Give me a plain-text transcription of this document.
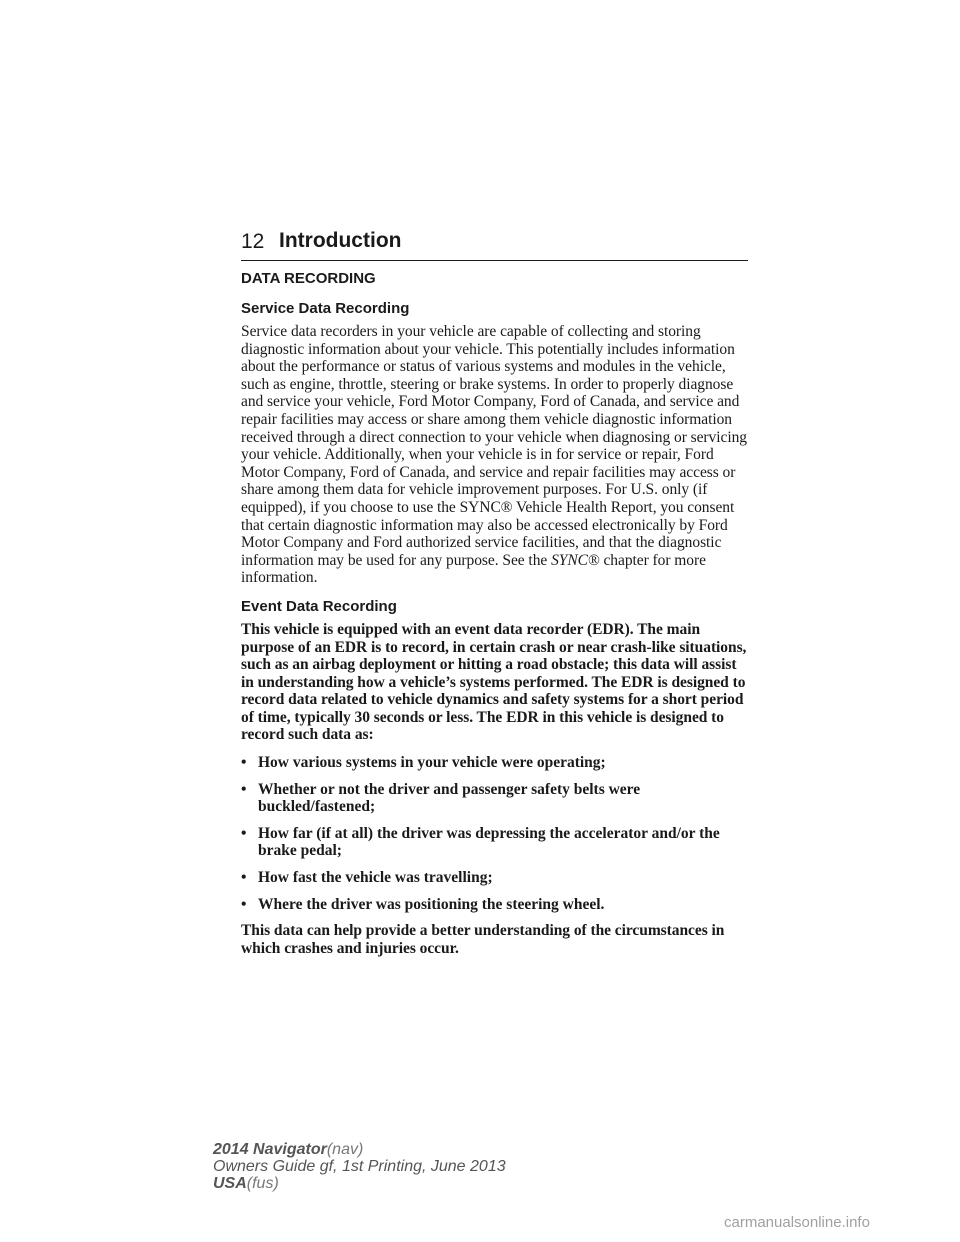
12 Introduction
DATA RECORDING
Service Data Recording

Service data recorders in your vehicle are capable of collecting and storing diagnostic information about your vehicle. This potentially includes information about the performance or status of various systems and modules in the vehicle, such as engine, throttle, steering or brake systems. In order to properly diagnose and service your vehicle, Ford Motor Company, Ford of Canada, and service and repair facilities may access or share among them vehicle diagnostic information received through a direct connection to your vehicle when diagnosing or servicing your vehicle. Additionally, when your vehicle is in for service or repair, Ford Motor Company, Ford of Canada, and service and repair facilities may access or share among them data for vehicle improvement purposes. For U.S. only (if equipped), if you choose to use the SYNC® Vehicle Health Report, you consent that certain diagnostic information may also be accessed electronically by Ford Motor Company and Ford authorized service facilities, and that the diagnostic information may be used for any purpose. See the SYNC® chapter for more information.

Event Data Recording

This vehicle is equipped with an event data recorder (EDR). The main purpose of an EDR is to record, in certain crash or near crash-like situations, such as an airbag deployment or hitting a road obstacle; this data will assist in understanding how a vehicle’s systems performed. The EDR is designed to record data related to vehicle dynamics and safety systems for a short period of time, typically 30 seconds or less. The EDR in this vehicle is designed to record such data as:

• How various systems in your vehicle were operating;
• Whether or not the driver and passenger safety belts were buckled/fastened;
• How far (if at all) the driver was depressing the accelerator and/or the brake pedal;
• How fast the vehicle was travelling;
• Where the driver was positioning the steering wheel.

This data can help provide a better understanding of the circumstances in which crashes and injuries occur.

2014 Navigator(nav)
Owners Guide gf, 1st Printing, June 2013
USA(fus)
carmanualsonline.info
